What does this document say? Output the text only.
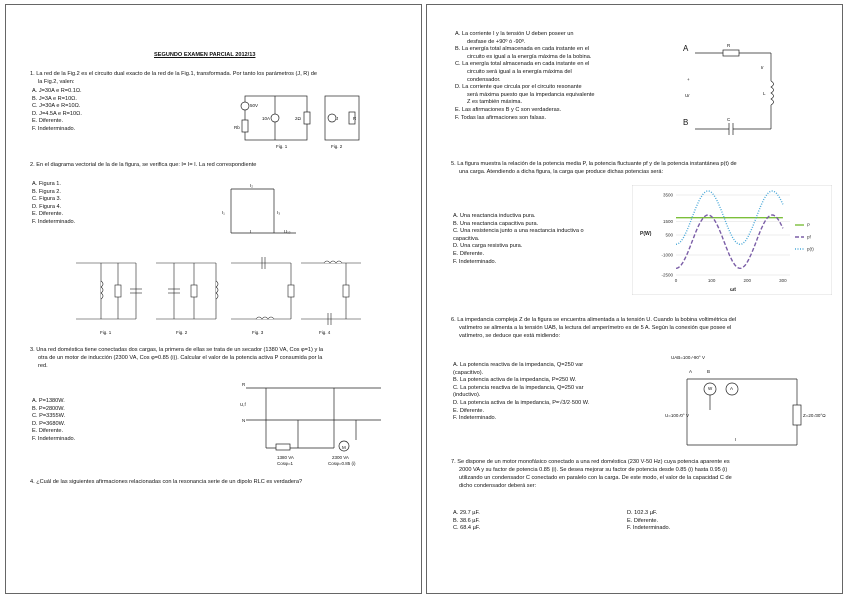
SEGUNDO EXAMEN PARCIAL 2012/13
1. La red de la Fig.2 es el circuito dual exacto de la red de la Fig.1, transformada. Por tanto los parámetros (J, R) de
la Fig.2, valen:
A. J=30A e R=0.1Ω.
B. J=3A e R=10Ω.
C. J=30A e R=10Ω.
D. J=4.5A e R=10Ω.
E. Diferente.
F. Indeterminado.
50V
10A	2Ω
Rb
J	R
Fig. 1	Fig. 2
2. En el diagrama vectorial de la de la figura, se verifica que: I= I= I. La red correspondiente
A. Figura 1.
B. Figura 2.
C. Figura 3.
D. Figura 4.
E. Diferente.
F. Indeterminado.
I₂
I₁	I₃
I	U₁₂
Fig. 1	Fig. 2	Fig. 3	Fig. 4
3. Una red doméstica tiene conectadas dos cargas, la primera de ellas se trata de un secador (1380 VA, Cos φ=1) y la
otra de un motor de inducción (2300 VA, Cos φ=0.85 (i)). Calcular el valor de la potencia activa P consumida por la
red.
A. P=1380W.
B. P=2800W.
C. P=3355W.
D. P=3680W.
E. Diferente.
F. Indeterminado.
R
U,f
N
M
1380 VA
Cosφ=1
2300 VA
Cosφ=0.85 (i)
4. ¿Cuál de las siguientes afirmaciones relacionadas con la resonancia serie de un dipolo RLC es verdadera?
A. La corriente I y la tensión U deben poseer un
desfase de +90º ó -90º.
B. La energía total almacenada en cada instante en el
circuito es igual a la energía máxima de la bobina.
C. La energía total almacenada en cada instante en el
circuito será igual a la energía máxima del
condensador.
D. La corriente que circula por el circuito resonante
será máxima puesto que la impedancia equivalente
Z es también máxima.
E. Las afirmaciones B y C son verdaderas.
F. Todas las afirmaciones son falsas.
A
B
R
L
C
Ur
+
Ir
5. La figura muestra la relación de la potencia media P, la potencia fluctuante pf y de la potencia instantánea p(t) de
una carga. Atendiendo a dicha figura, la carga que produce dichas potencias será:
A. Una reactancia inductiva pura.
B. Una reactancia capacitiva pura.
C. Una resistencia junto a una reactancia inductiva o
capacitiva.
D. Una carga resistiva pura.
E. Diferente.
F. Indeterminado.
-2500
-1000
500
1500
3500
0	100	200	300
P(W)
ωt
P
pf
p(t)
6. La impedancia compleja Z de la figura se encuentra alimentada a la tensión U. Cuando la bobina voltimétrica del
vatímetro se alimenta a la tensión UAB, la lectura del amperímetro es de 5 A. Según la conexión que posee el
vatímetro, se deduce que está midiendo:
A. La potencia reactiva de la impedancia, Q=250 var
(capacitivo).
B. La potencia activa de la impedancia, P=250 W.
C. La potencia reactiva de la impedancia, Q=250 var
(inductivo).
D. La potencia activa de la impedancia, P=√3/2·500 W.
E. Diferente.
F. Indeterminado.
UAB=100 ⁄-90° V
A	B
W	A
U=100 ⁄0° V	Z=20 ⁄30°Ω
I
7. Se dispone de un motor monofásico conectado a una red doméstica (230 V-50 Hz) cuya potencia aparente es
2000 VA y su factor de potencia 0.85 (i). Se desea mejorar su factor de potencia desde 0.85 (i) hasta 0.95 (i)
utilizando un condensador C conectado en paralelo con la carga. De este modo, el valor de la capacidad C de
dicho condensador deberá ser:
A. 29.7 µF.
B. 38.6 µF.
C. 68.4 µF.
D. 102.3 µF.
E. Diferente.
F. Indeterminado.
